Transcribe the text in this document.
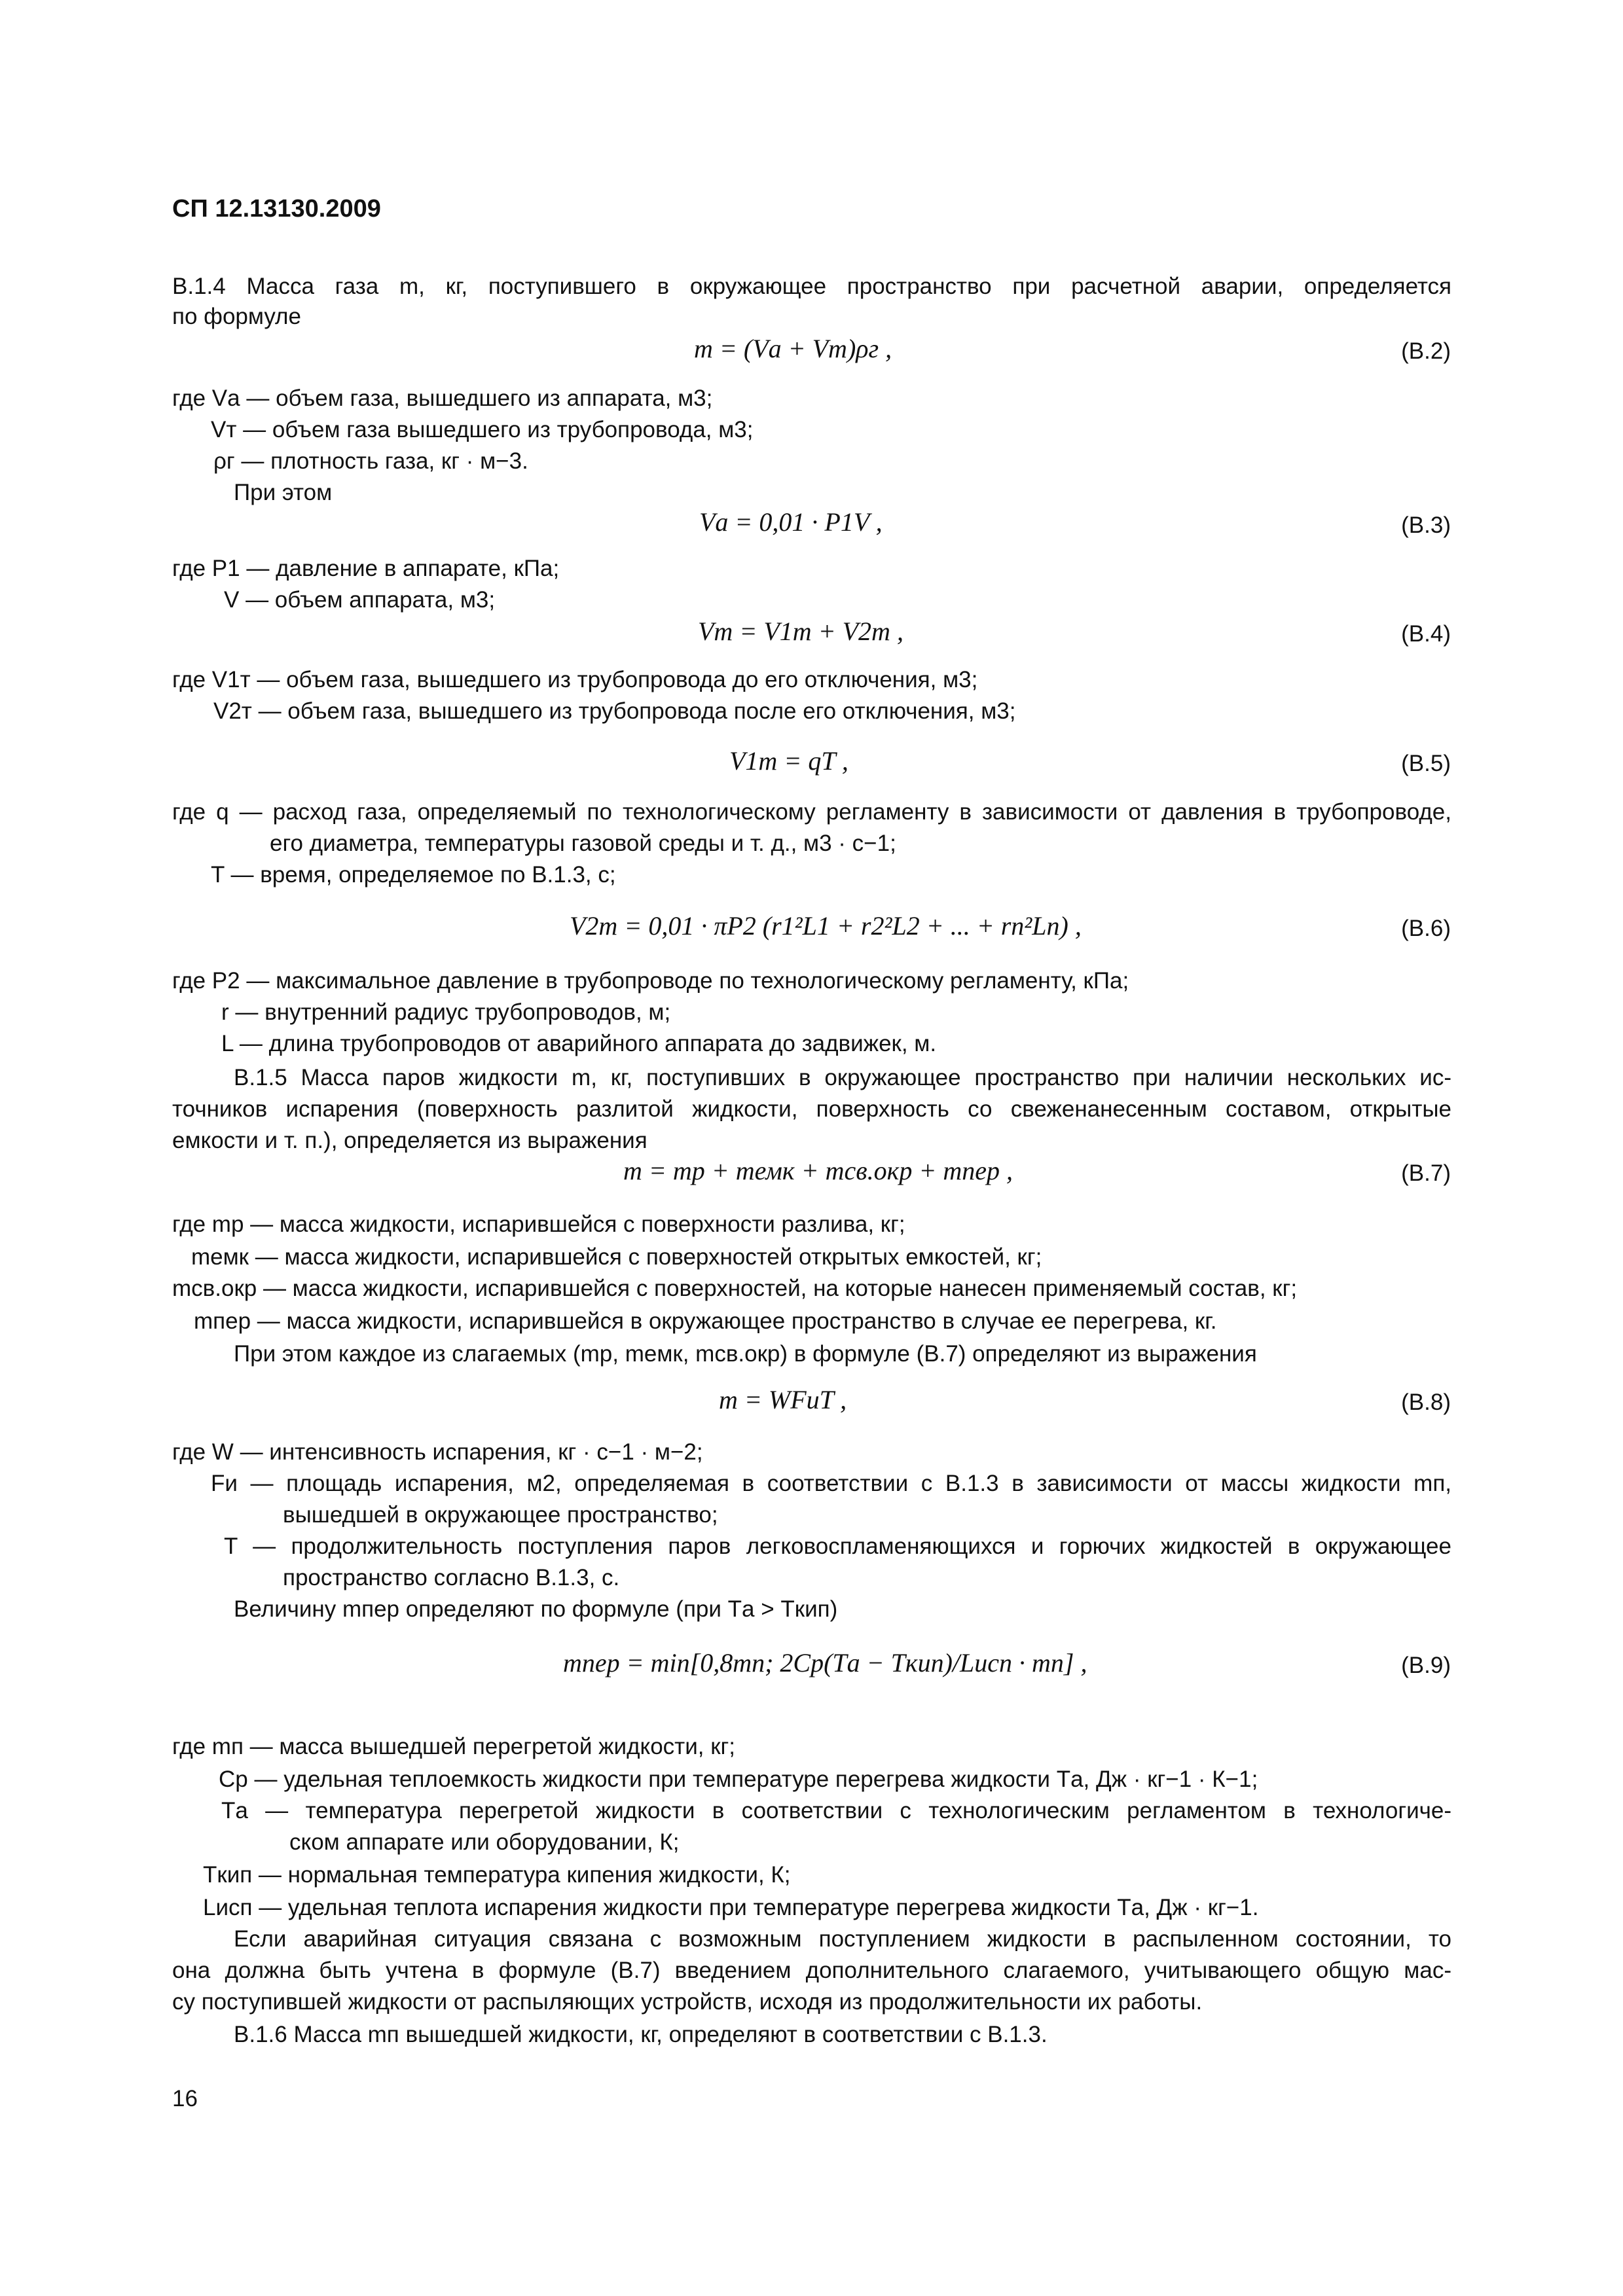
СП 12.13130.2009
В.1.4 Масса газа m, кг, поступившего в окружающее пространство при расчетной аварии, определяется
по формуле
m = (Vа + Vт)ρг ,	(В.2)
где Vа — объем газа, вышедшего из аппарата, м3;
Vт — объем газа вышедшего из трубопровода, м3;
ρг — плотность газа, кг · м−3.
При этом
Vа = 0,01 · P1V ,	(В.3)
где P1 — давление в аппарате, кПа;
V — объем аппарата, м3;
Vт = V1т + V2т ,	(В.4)
где V1т — объем газа, вышедшего из трубопровода до его отключения, м3;
V2т — объем газа, вышедшего из трубопровода после его отключения, м3;
V1т = qT ,	(В.5)
где q — расход газа, определяемый по технологическому регламенту в зависимости от давления в трубопроводе,
его диаметра, температуры газовой среды и т. д., м3 · с−1;
T — время, определяемое по В.1.3, с;
V2т = 0,01 · πP2 (r1²L1 + r2²L2 + ... + rn²Ln) ,	(В.6)
где P2 — максимальное давление в трубопроводе по технологическому регламенту, кПа;
r — внутренний радиус трубопроводов, м;
L — длина трубопроводов от аварийного аппарата до задвижек, м.
В.1.5 Масса паров жидкости m, кг, поступивших в окружающее пространство при наличии нескольких ис-
точников испарения (поверхность разлитой жидкости, поверхность со свеженанесенным составом, открытые
емкости и т. п.), определяется из выражения
m = mр + mемк + mсв.окр + mпер ,	(В.7)
где mр — масса жидкости, испарившейся с поверхности разлива, кг;
mемк — масса жидкости, испарившейся с поверхностей открытых емкостей, кг;
mсв.окр — масса жидкости, испарившейся с поверхностей, на которые нанесен применяемый состав, кг;
mпер — масса жидкости, испарившейся в окружающее пространство в случае ее перегрева, кг.
При этом каждое из слагаемых (mр, mемк, mсв.окр) в формуле (В.7) определяют из выражения
m = WFиT ,	(В.8)
где W — интенсивность испарения, кг · с−1 · м−2;
Fи — площадь испарения, м2, определяемая в соответствии с В.1.3 в зависимости от массы жидкости mп,
вышедшей в окружающее пространство;
T — продолжительность поступления паров легковоспламеняющихся и горючих жидкостей в окружающее
пространство согласно В.1.3, с.
Величину mпер определяют по формуле (при Tа > Tкип)
mпер = min[0,8mп; 2Cp(Tа − Tкип)/Lисп · mп] ,	(В.9)
где mп — масса вышедшей перегретой жидкости, кг;
Cp — удельная теплоемкость жидкости при температуре перегрева жидкости Tа, Дж · кг−1 · К−1;
Tа — температура перегретой жидкости в соответствии с технологическим регламентом в технологиче-
ском аппарате или оборудовании, К;
Tкип — нормальная температура кипения жидкости, К;
Lисп — удельная теплота испарения жидкости при температуре перегрева жидкости Tа, Дж · кг−1.
Если аварийная ситуация связана с возможным поступлением жидкости в распыленном состоянии, то
она должна быть учтена в формуле (В.7) введением дополнительного слагаемого, учитывающего общую мас-
су поступившей жидкости от распыляющих устройств, исходя из продолжительности их работы.
В.1.6 Масса mп вышедшей жидкости, кг, определяют в соответствии с В.1.3.
16
